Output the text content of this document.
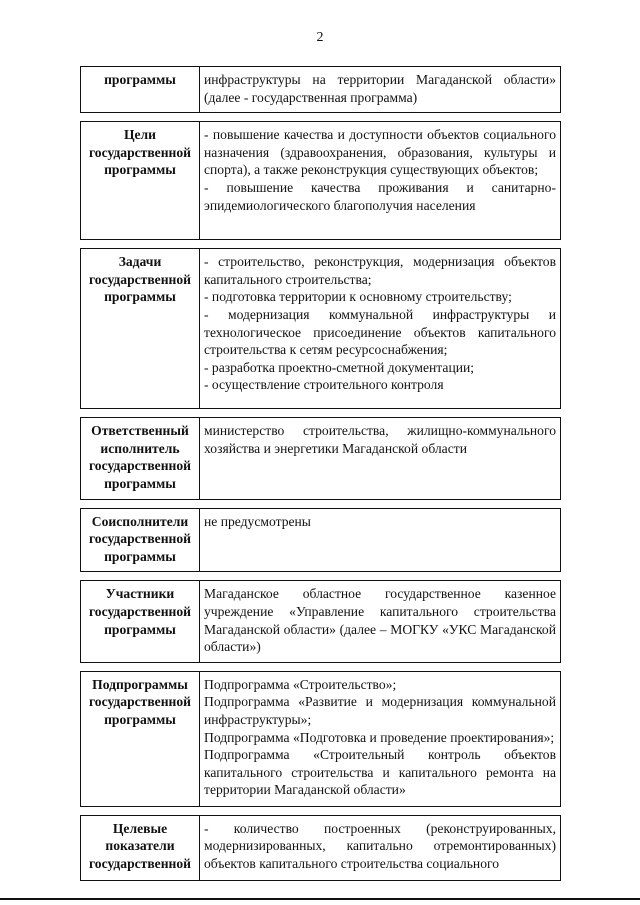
2
программы	инфраструктуры на территории Магаданской области» (далее - государственная программа)

Цели государственной программы	- повышение качества и доступности объектов социального назначения (здравоохранения, образования, культуры и спорта), а также реконструкция существующих объектов;

- повышение качества проживания и санитарно-эпидемиологического благополучия населения

Задачи государственной программы	- строительство, реконструкция, модернизация объектов капитального строительства;

- подготовка территории к основному строительству;

- модернизация коммунальной инфраструктуры и технологическое присоединение объектов капитального строительства к сетям ресурсоснабжения;

- разработка проектно-сметной документации;

- осуществление строительного контроля

Ответственный исполнитель государственной программы	министерство строительства, жилищно-коммунального хозяйства и энергетики Магаданской области

Соисполнители государственной программы	не предусмотрены

Участники государственной программы	Магаданское областное государственное казенное учреждение «Управление капитального строительства Магаданской области» (далее – МОГКУ «УКС Магаданской области»)

Подпрограммы государственной программы	Подпрограмма «Строительство»;

Подпрограмма «Развитие и модернизация коммунальной инфраструктуры»;

Подпрограмма «Подготовка и проведение проектирования»;

Подпрограмма «Строительный контроль объектов капитального строительства и капитального ремонта на территории Магаданской области»

Целевые показатели государственной	- количество построенных (реконструированных, модернизированных, капитально отремонтированных) объектов капитального строительства социального
